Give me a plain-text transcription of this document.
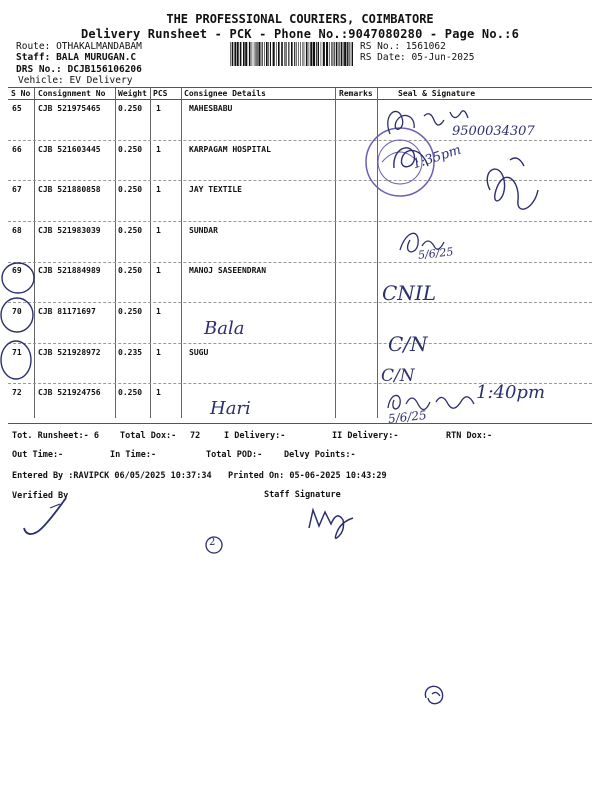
THE PROFESSIONAL COURIERS, COIMBATORE
Delivery Runsheet - PCK - Phone No.:9047080280 - Page No.:6
Route: OTHAKALMANDABAM
Staff: BALA MURUGAN.C
DRS No.: DCJB156106206
Vehicle: EV Delivery
RS No.: 1561062
RS Date: 05-Jun-2025
S No Consignment No Weight PCS Consignee Details	Remarks	Seal & Signature
65 CJB 521975465 0.250 1	MAHESBABU
66 CJB 521603445 0.250 1	KARPAGAM HOSPITAL
67 CJB 521880858 0.250 1	JAY TEXTILE
68 CJB 521983039 0.250 1	SUNDAR
69 CJB 521884989 0.250 1	MANOJ SASEENDRAN
70 CJB 81171697	0.250 1
71 CJB 521928972 0.235 1	SUGU
72 CJB 521924756 0.250 1
9500034307
1:35pm
5/6/25
CNIL
Bala
C/N
C/N
1:40pm
5/6/25
Hari
Tot. Runsheet:- 6 Total Dox:- 72	I Delivery:-	II Delivery:-	RTN Dox:-
Out Time:-	In Time:-	Total POD:-	Delvy Points:-
Entered By :RAVIPCK 06/05/2025 10:37:34 Printed On: 05-06-2025 10:43:29
Verified By	Staff Signature
2
